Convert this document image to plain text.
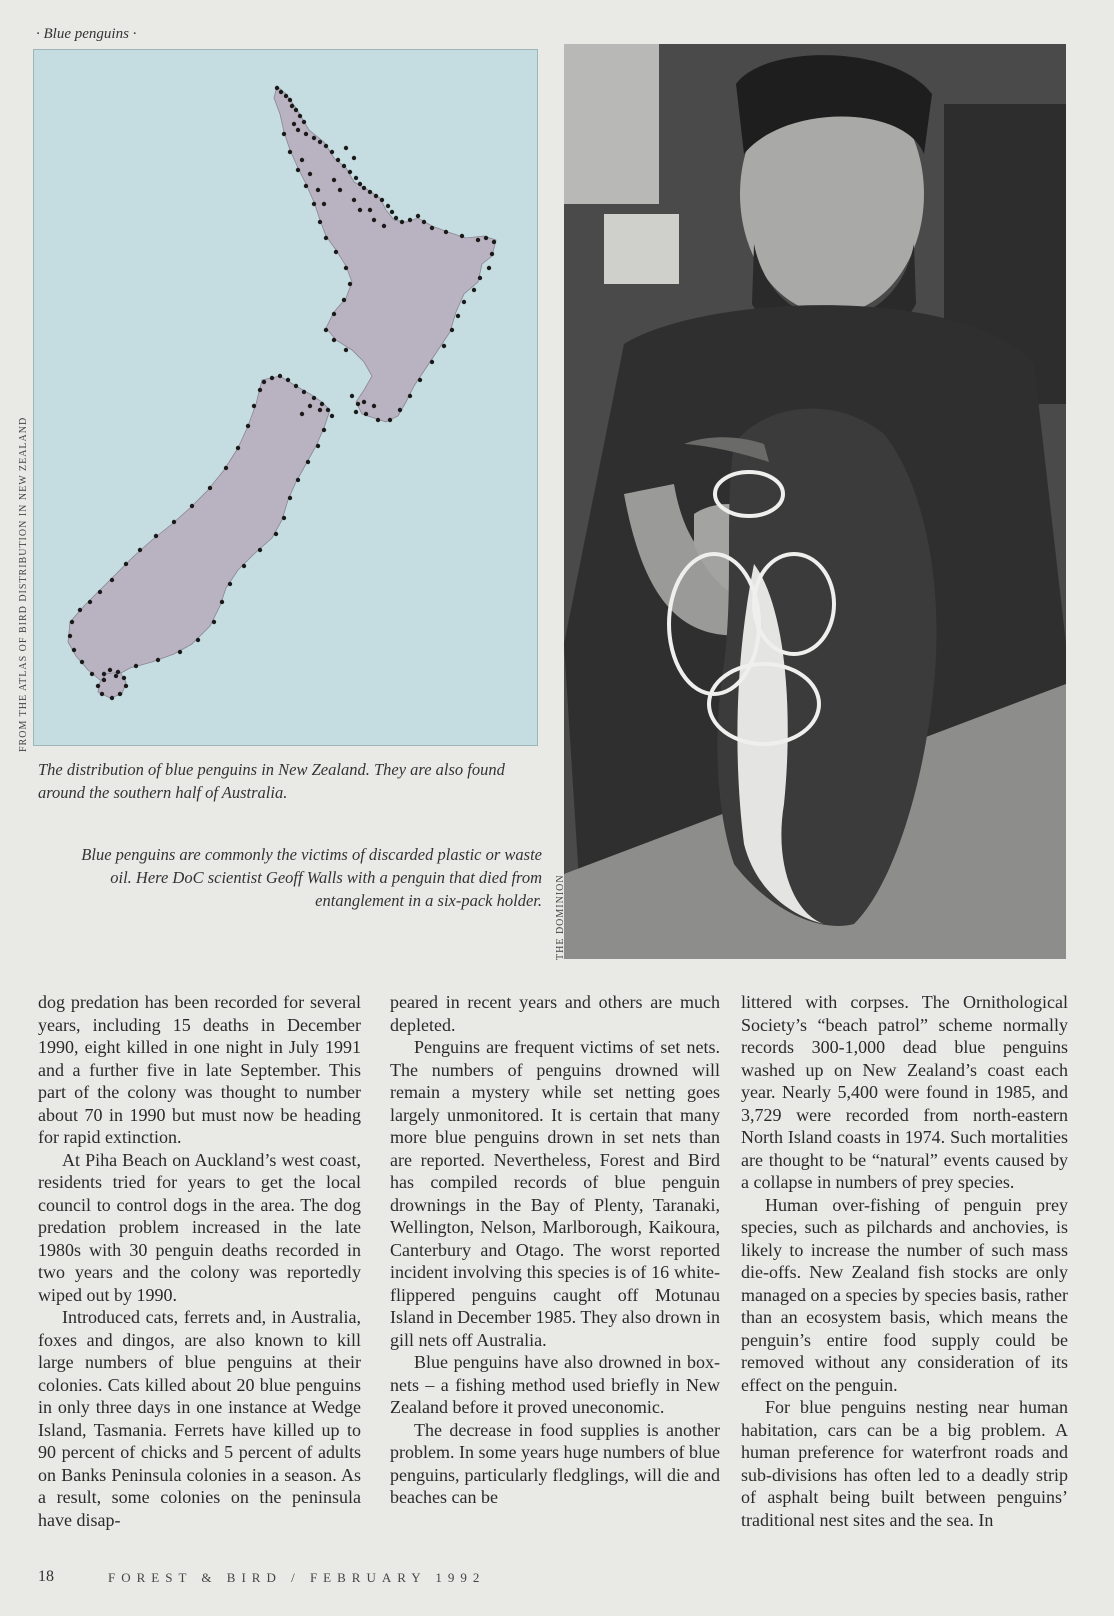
· Blue penguins ·
FROM THE ATLAS OF BIRD DISTRIBUTION IN NEW ZEALAND
The distribution of blue penguins in New Zealand. They are also found around the southern half of Australia.
THE DOMINION
Blue penguins are commonly the victims of discarded plastic or waste oil. Here DoC scientist Geoff Walls with a penguin that died from entanglement in a six-pack holder.

dog predation has been recorded for several years, including 15 deaths in December 1990, eight killed in one night in July 1991 and a further five in late September. This part of the colony was thought to number about 70 in 1990 but must now be heading for rapid extinction.

At Piha Beach on Auckland’s west coast, residents tried for years to get the local council to control dogs in the area. The dog predation problem increased in the late 1980s with 30 penguin deaths recorded in two years and the colony was reportedly wiped out by 1990.

Introduced cats, ferrets and, in Australia, foxes and dingos, are also known to kill large numbers of blue penguins at their colonies. Cats killed about 20 blue penguins in only three days in one instance at Wedge Island, Tasmania. Ferrets have killed up to 90 percent of chicks and 5 percent of adults on Banks Peninsula colonies in a season. As a result, some colonies on the peninsula have disap-

peared in recent years and others are much depleted.

Penguins are frequent victims of set nets. The numbers of penguins drowned will remain a mystery while set netting goes largely unmonitored. It is certain that many more blue penguins drown in set nets than are reported. Nevertheless, Forest and Bird has compiled records of blue penguin drownings in the Bay of Plenty, Taranaki, Wellington, Nelson, Marlborough, Kaikoura, Canterbury and Otago. The worst reported incident involving this species is of 16 white-flippered penguins caught off Motunau Island in December 1985. They also drown in gill nets off Australia.

Blue penguins have also drowned in box-nets – a fishing method used briefly in New Zealand before it proved uneconomic.

The decrease in food supplies is another problem. In some years huge numbers of blue penguins, particularly fledglings, will die and beaches can be

littered with corpses. The Ornithological Society’s “beach patrol” scheme normally records 300-1,000 dead blue penguins washed up on New Zealand’s coast each year. Nearly 5,400 were found in 1985, and 3,729 were recorded from north-eastern North Island coasts in 1974. Such mortalities are thought to be “natural” events caused by a collapse in numbers of prey species.

Human over-fishing of penguin prey species, such as pilchards and anchovies, is likely to increase the number of such mass die-offs. New Zealand fish stocks are only managed on a species by species basis, rather than an ecosystem basis, which means the penguin’s entire food supply could be removed without any consideration of its effect on the penguin.

For blue penguins nesting near human habitation, cars can be a big problem. A human preference for waterfront roads and sub-divisions has often led to a deadly strip of asphalt being built between penguins’ traditional nest sites and the sea. In

18	FOREST & BIRD / FEBRUARY 1992
